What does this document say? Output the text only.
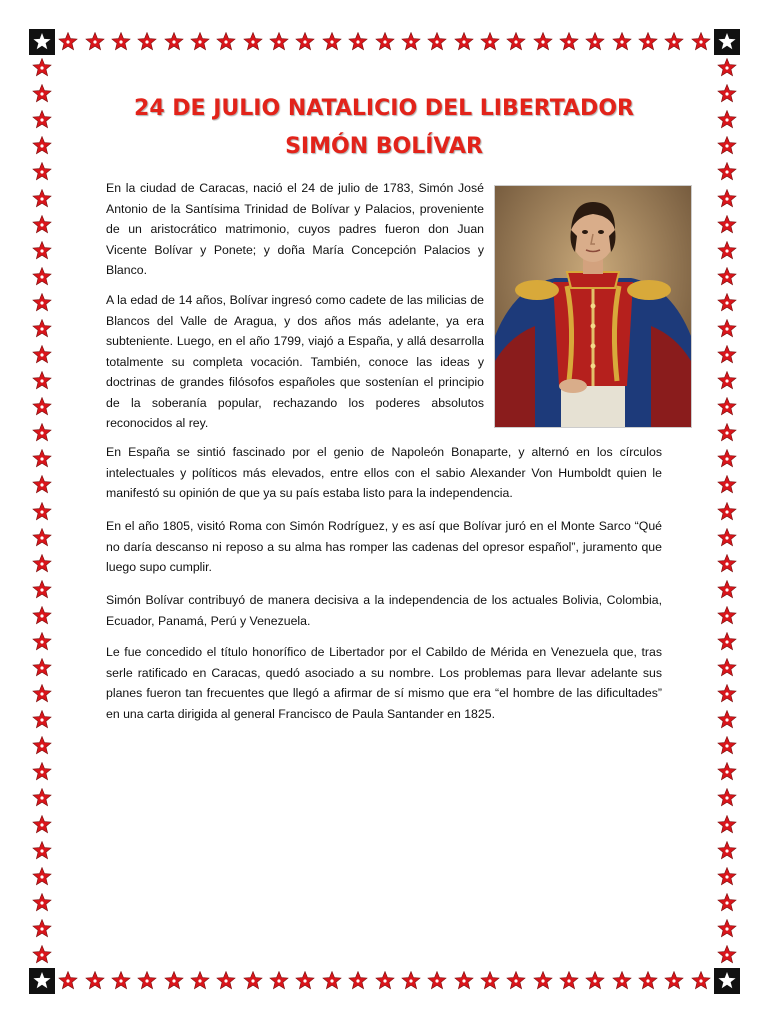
24 DE JULIO NATALICIO DEL LIBERTADOR
SIMÓN BOLÍVAR

En la ciudad de Caracas, nació el 24 de julio de 1783, Simón José Antonio de la Santísima Trinidad de Bolívar y Palacios, proveniente de un aristocrático matrimonio, cuyos padres fueron don Juan Vicente Bolívar y Ponete; y doña María Concepción Palacios y Blanco.

A la edad de 14 años, Bolívar ingresó como cadete de las milicias de Blancos del Valle de Aragua, y dos años más adelante, ya era subteniente. Luego, en el año 1799, viajó a España, y allá desarrolla totalmente su completa vocación. También, conoce las ideas y doctrinas de grandes filósofos españoles que sostenían el principio de la soberanía popular, rechazando los poderes absolutos reconocidos al rey.

En España se sintió fascinado por el genio de Napoleón Bonaparte, y alternó en los círculos intelectuales y políticos más elevados, entre ellos con el sabio Alexander Von Humboldt quien le manifestó su opinión de que ya su país estaba listo para la independencia.

En el año 1805, visitó Roma con Simón Rodríguez, y es así que Bolívar juró en el Monte Sarco “Qué no daría descanso ni reposo a su alma has romper las cadenas del opresor español”, juramento que luego supo cumplir.

Simón Bolívar contribuyó de manera decisiva a la independencia de los actuales Bolivia, Colombia, Ecuador, Panamá, Perú y Venezuela.

Le fue concedido el título honorífico de Libertador por el Cabildo de Mérida en Venezuela que, tras serle ratificado en Caracas, quedó asociado a su nombre. Los problemas para llevar adelante sus planes fueron tan frecuentes que llegó a afirmar de sí mismo que era “el hombre de las dificultades” en una carta dirigida al general Francisco de Paula Santander en 1825.
